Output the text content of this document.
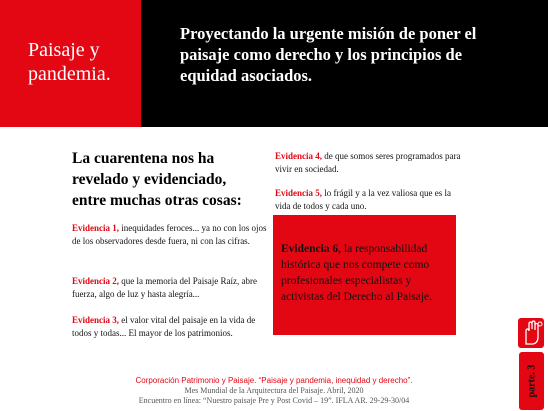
Paisaje y
pandemia.
Proyectando la urgente misión de poner el paisaje como derecho y los principios de equidad asociados.
La cuarentena nos ha revelado y evidenciado, entre muchas otras cosas:
Evidencia 1, inequidades feroces... ya no con los ojos de los observadores desde fuera, ni con las cifras.
Evidencia 2, que la memoria del Paisaje Raíz, abre fuerza, algo de luz y hasta alegría...
Evidencia 3, el valor vital del paisaje en la vida de todos y todas... El mayor de los patrimonios.
Evidencia 4, de que somos seres programados para vivir en sociedad.
Evidencia 5, lo frágil y a la vez valiosa que es la vida de todos y cada uno.
Evidencia 6, la responsabilidad histórica que nos compete como profesionales especialistas y activistas del Derecho al Paisaje.
parte. 3
Corporación Patrimonio y Paisaje. “Paisaje y pandemia, inequidad y derecho”.
Mes Mundial de la Arquitectura del Paisaje. Abril, 2020
Encuentro en línea: “Nuestro paisaje Pre y Post Covid – 19”. IFLA AR. 29-29-30/04
